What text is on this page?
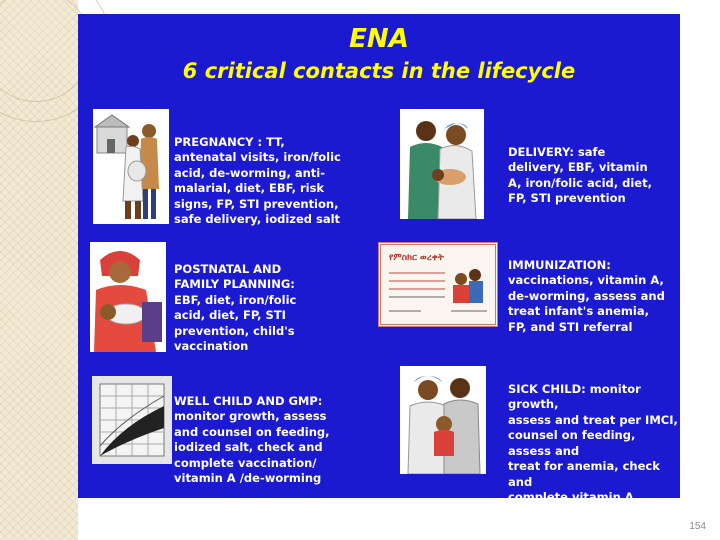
ENA
6 critical contacts in the lifecycle

PREGNANCY : TT,
antenatal visits, iron/folic
acid, de-worming, anti-
malarial, diet, EBF, risk
signs, FP, STI prevention,
safe delivery, iodized salt

DELIVERY: safe
delivery, EBF, vitamin
A, iron/folic acid, diet,
FP, STI prevention

POSTNATAL AND
FAMILY PLANNING:
EBF, diet, iron/folic
acid, diet, FP, STI
prevention, child's
vaccination

የምስክር ወረቀት	IMMUNIZATION:
vaccinations, vitamin A,
de-worming, assess and
treat infant's anemia,
FP, and STI referral

WELL CHILD AND GMP:
monitor growth, assess
and counsel on feeding,
iodized salt, check and
complete vaccination/
vitamin A /de-worming

SICK CHILD: monitor growth,
assess and treat per IMCI,
counsel on feeding, assess and
treat for anemia, check and
complete vitamin A
/immunization/ de-worming	154
